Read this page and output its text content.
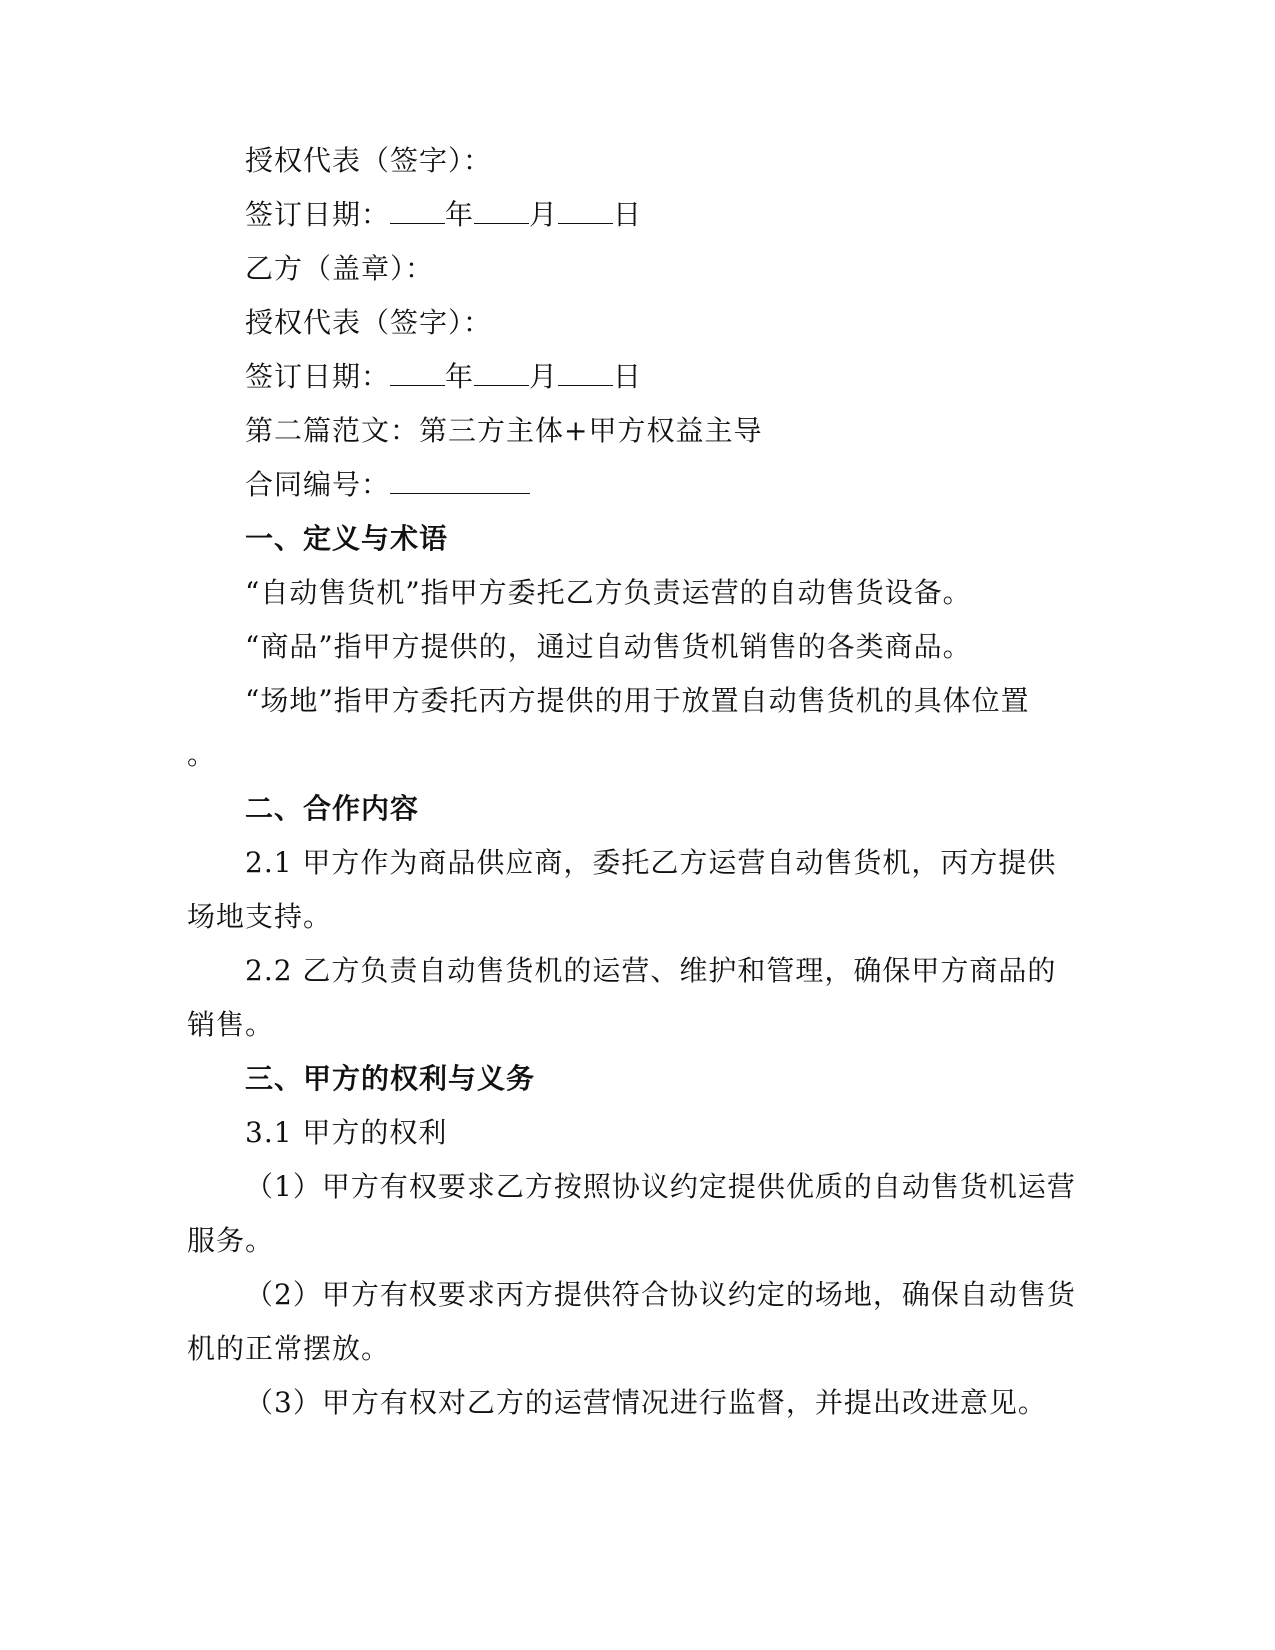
授权代表（签字）：
签订日期： 年 月 日
乙方（盖章）：
授权代表（签字）：
签订日期： 年 月 日
第二篇范文：第三方主体+甲方权益主导
合同编号：
一、定义与术语
“自动售货机”指甲方委托乙方负责运营的自动售货设备。
“商品”指甲方提供的，通过自动售货机销售的各类商品。
“场地”指甲方委托丙方提供的用于放置自动售货机的具体位置
。
二、合作内容
2.1 甲方作为商品供应商，委托乙方运营自动售货机，丙方提供
场地支持。
2.2 乙方负责自动售货机的运营、维护和管理，确保甲方商品的
销售。
三、甲方的权利与义务
3.1 甲方的权利
（1）甲方有权要求乙方按照协议约定提供优质的自动售货机运营
服务。
（2）甲方有权要求丙方提供符合协议约定的场地，确保自动售货
机的正常摆放。
（3）甲方有权对乙方的运营情况进行监督，并提出改进意见。
